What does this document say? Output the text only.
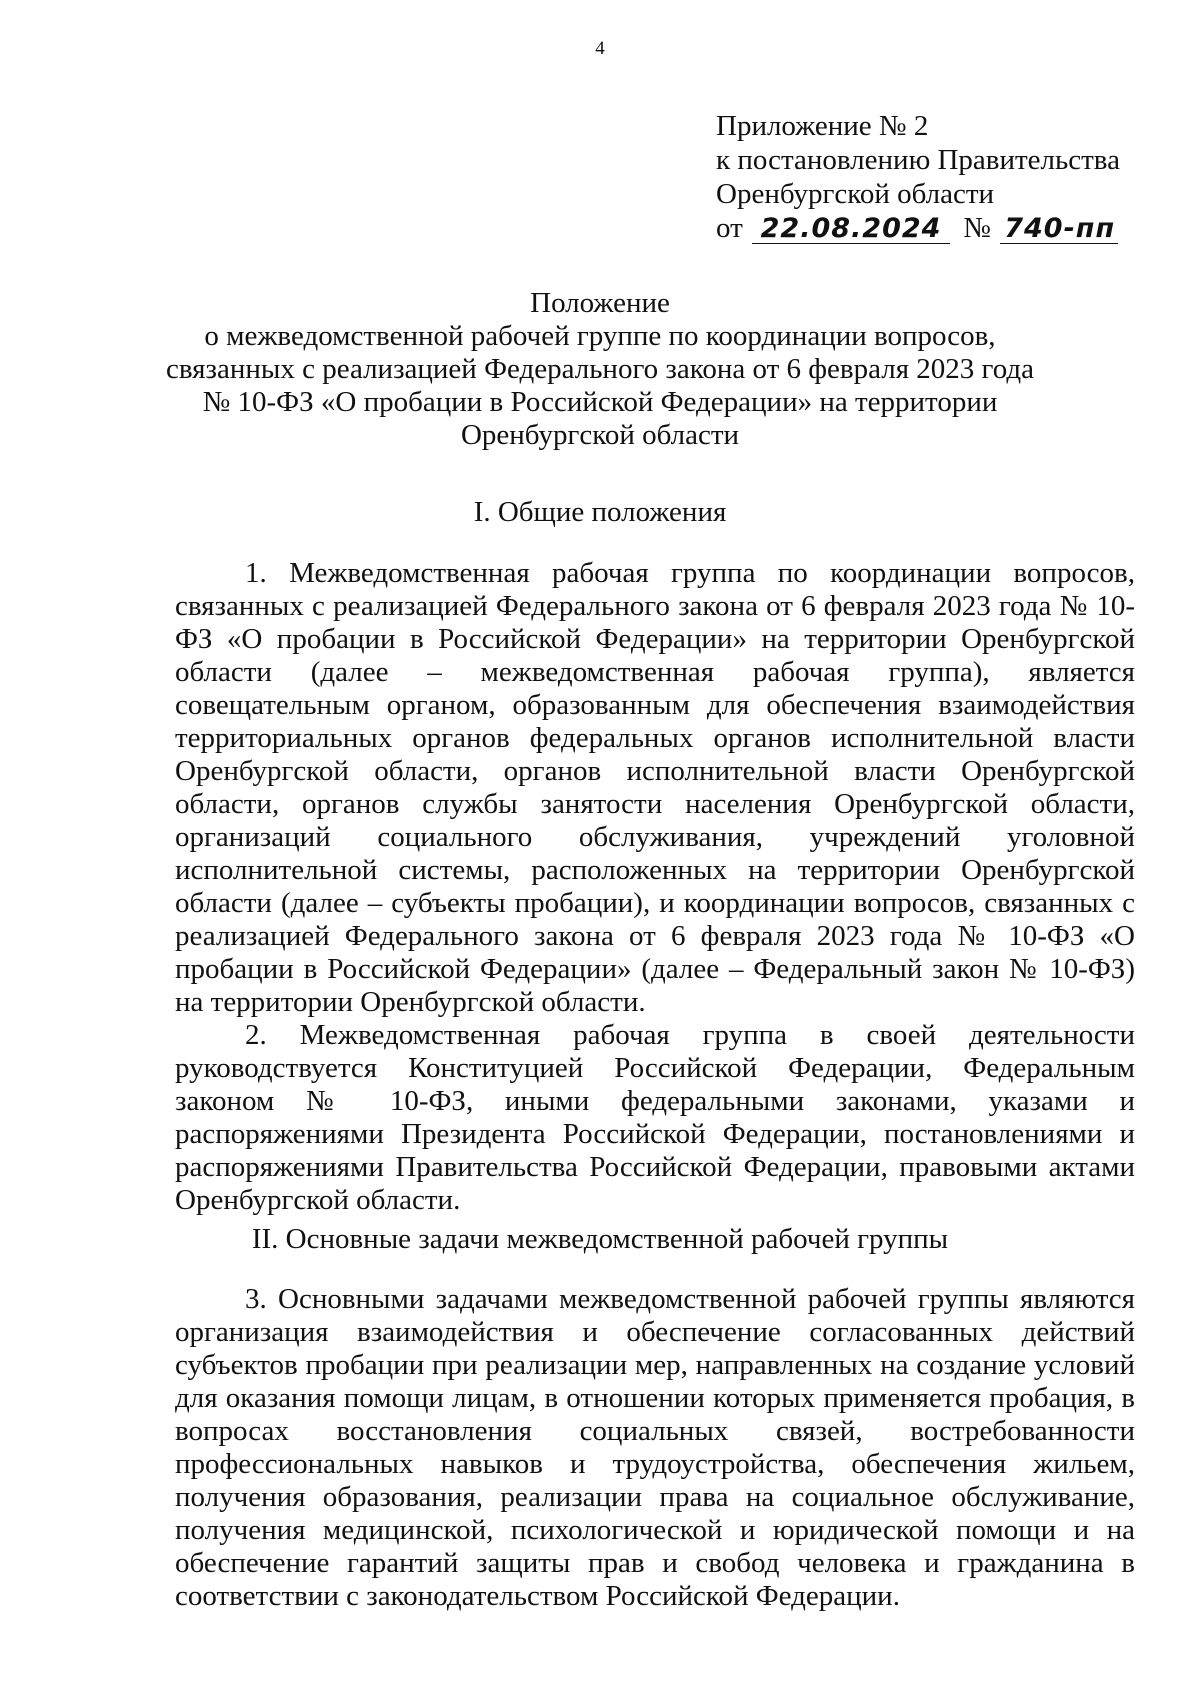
4
Приложение № 2
к постановлению Правительства
Оренбургской области
от 22.08.2024 № 740-пп
Положение
о межведомственной рабочей группе по координации вопросов,
связанных с реализацией Федерального закона от 6 февраля 2023 года
№ 10-ФЗ «О пробации в Российской Федерации» на территории
Оренбургской области
I. Общие положения

1. Межведомственная рабочая группа по координации вопросов, связанных с реализацией Федерального закона от 6 февраля 2023 года № 10-ФЗ «О пробации в Российской Федерации» на территории Оренбургской области (далее – межведомственная рабочая группа), является совещательным органом, образованным для обеспечения взаимодействия территориальных органов федеральных органов исполнительной власти Оренбургской области, органов исполнительной власти Оренбургской области, органов службы занятости населения Оренбургской области, организаций социального обслуживания, учреждений уголовной исполнительной системы, расположенных на территории Оренбургской области (далее – субъекты пробации), и координации вопросов, связанных с реализацией Федерального закона от 6 февраля 2023 года № 10-ФЗ «О пробации в Российской Федерации» (далее – Федеральный закон № 10-ФЗ) на территории Оренбургской области.

2. Межведомственная рабочая группа в своей деятельности руководствуется Конституцией Российской Федерации, Федеральным законом № 10-ФЗ, иными федеральными законами, указами и распоряжениями Президента Российской Федерации, постановлениями и распоряжениями Правительства Российской Федерации, правовыми актами Оренбургской области.

II. Основные задачи межведомственной рабочей группы

3. Основными задачами межведомственной рабочей группы являются организация взаимодействия и обеспечение согласованных действий субъектов пробации при реализации мер, направленных на создание условий для оказания помощи лицам, в отношении которых применяется пробация, в вопросах восстановления социальных связей, востребованности профессиональных навыков и трудоустройства, обеспечения жильем, получения образования, реализации права на социальное обслуживание, получения медицинской, психологической и юридической помощи и на обеспечение гарантий защиты прав и свобод человека и гражданина в соответствии с законодательством Российской Федерации.
